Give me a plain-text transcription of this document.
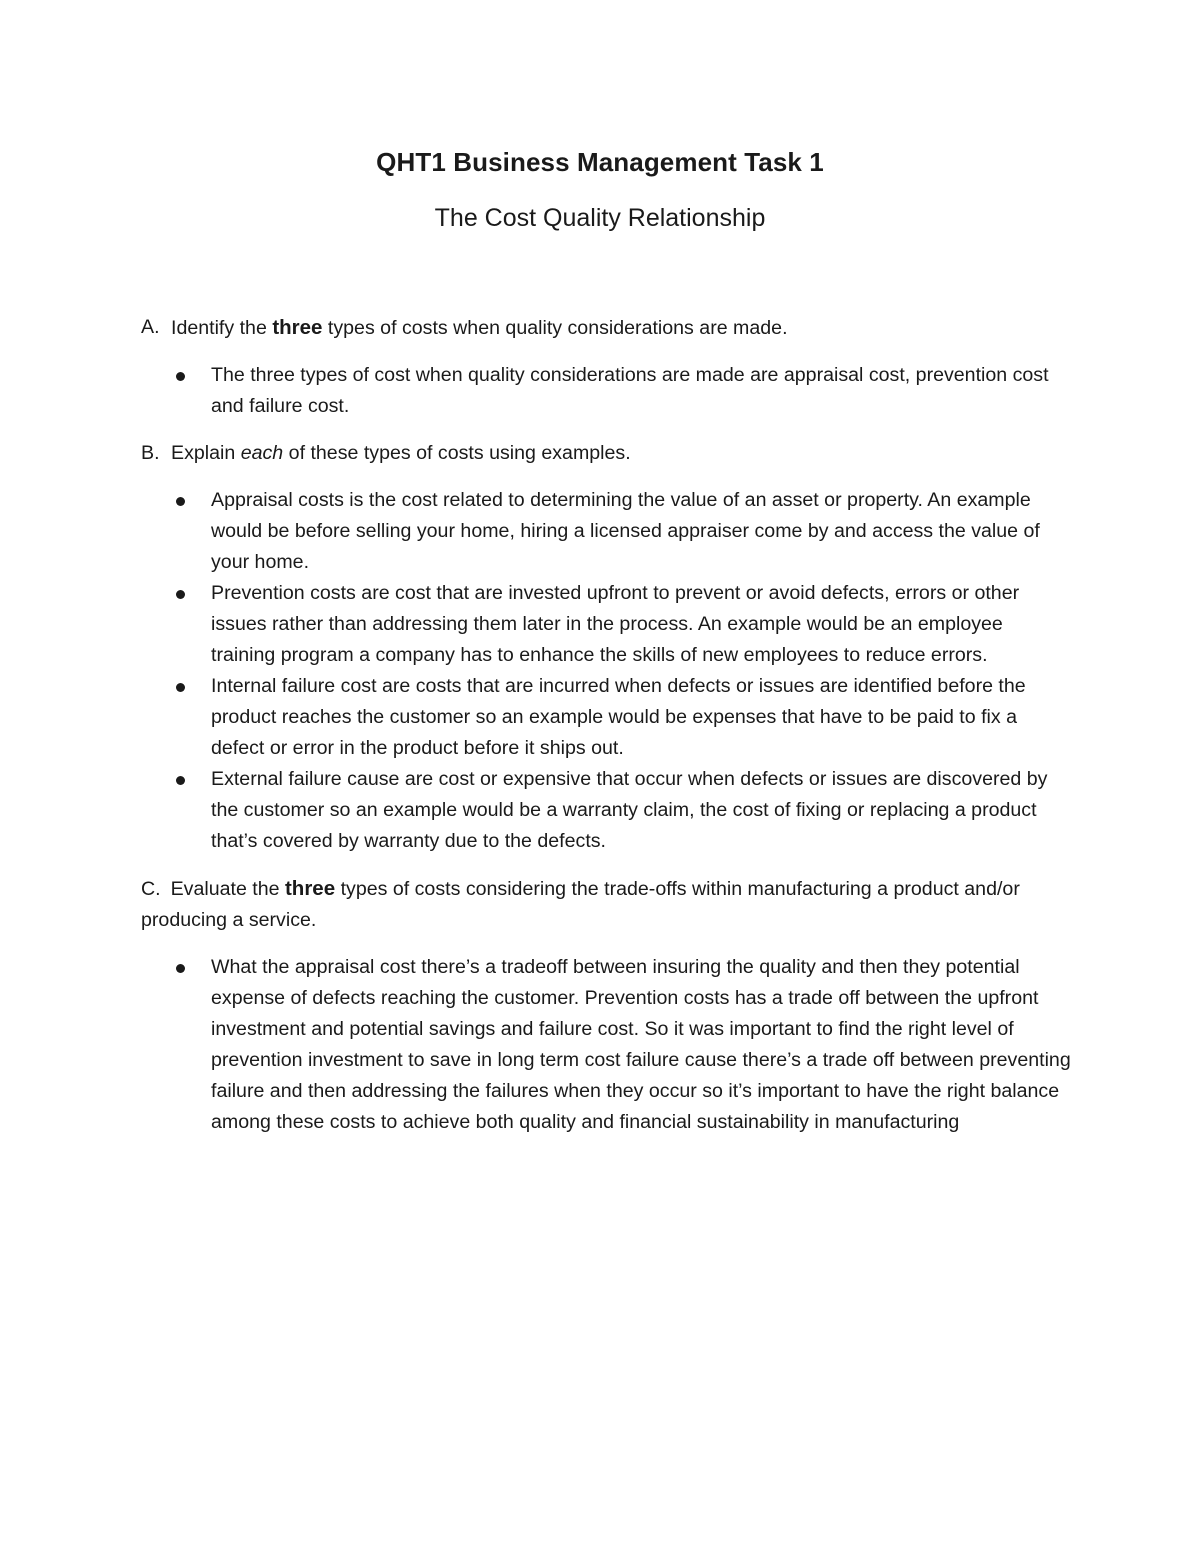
QHT1 Business Management Task 1
The Cost Quality Relationship

A. Identify the three types of costs when quality considerations are made.

The three types of cost when quality considerations are made are appraisal cost, prevention cost and failure cost.

B. Explain each of these types of costs using examples.

Appraisal costs is the cost related to determining the value of an asset or property. An example would be before selling your home, hiring a licensed appraiser come by and access the value of your home.
Prevention costs are cost that are invested upfront to prevent or avoid defects, errors or other issues rather than addressing them later in the process. An example would be an employee training program a company has to enhance the skills of new employees to reduce errors.
Internal failure cost are costs that are incurred when defects or issues are identified before the product reaches the customer so an example would be expenses that have to be paid to fix a defect or error in the product before it ships out.
External failure cause are cost or expensive that occur when defects or issues are discovered by the customer so an example would be a warranty claim, the cost of fixing or replacing a product that’s covered by warranty due to the defects.

C. Evaluate the three types of costs considering the trade-offs within manufacturing a product and/or producing a service.

What the appraisal cost there’s a tradeoff between insuring the quality and then they potential expense of defects reaching the customer. Prevention costs has a trade off between the upfront investment and potential savings and failure cost. So it was important to find the right level of prevention investment to save in long term cost failure cause there’s a trade off between preventing failure and then addressing the failures when they occur so it’s important to have the right balance among these costs to achieve both quality and financial sustainability in manufacturing
